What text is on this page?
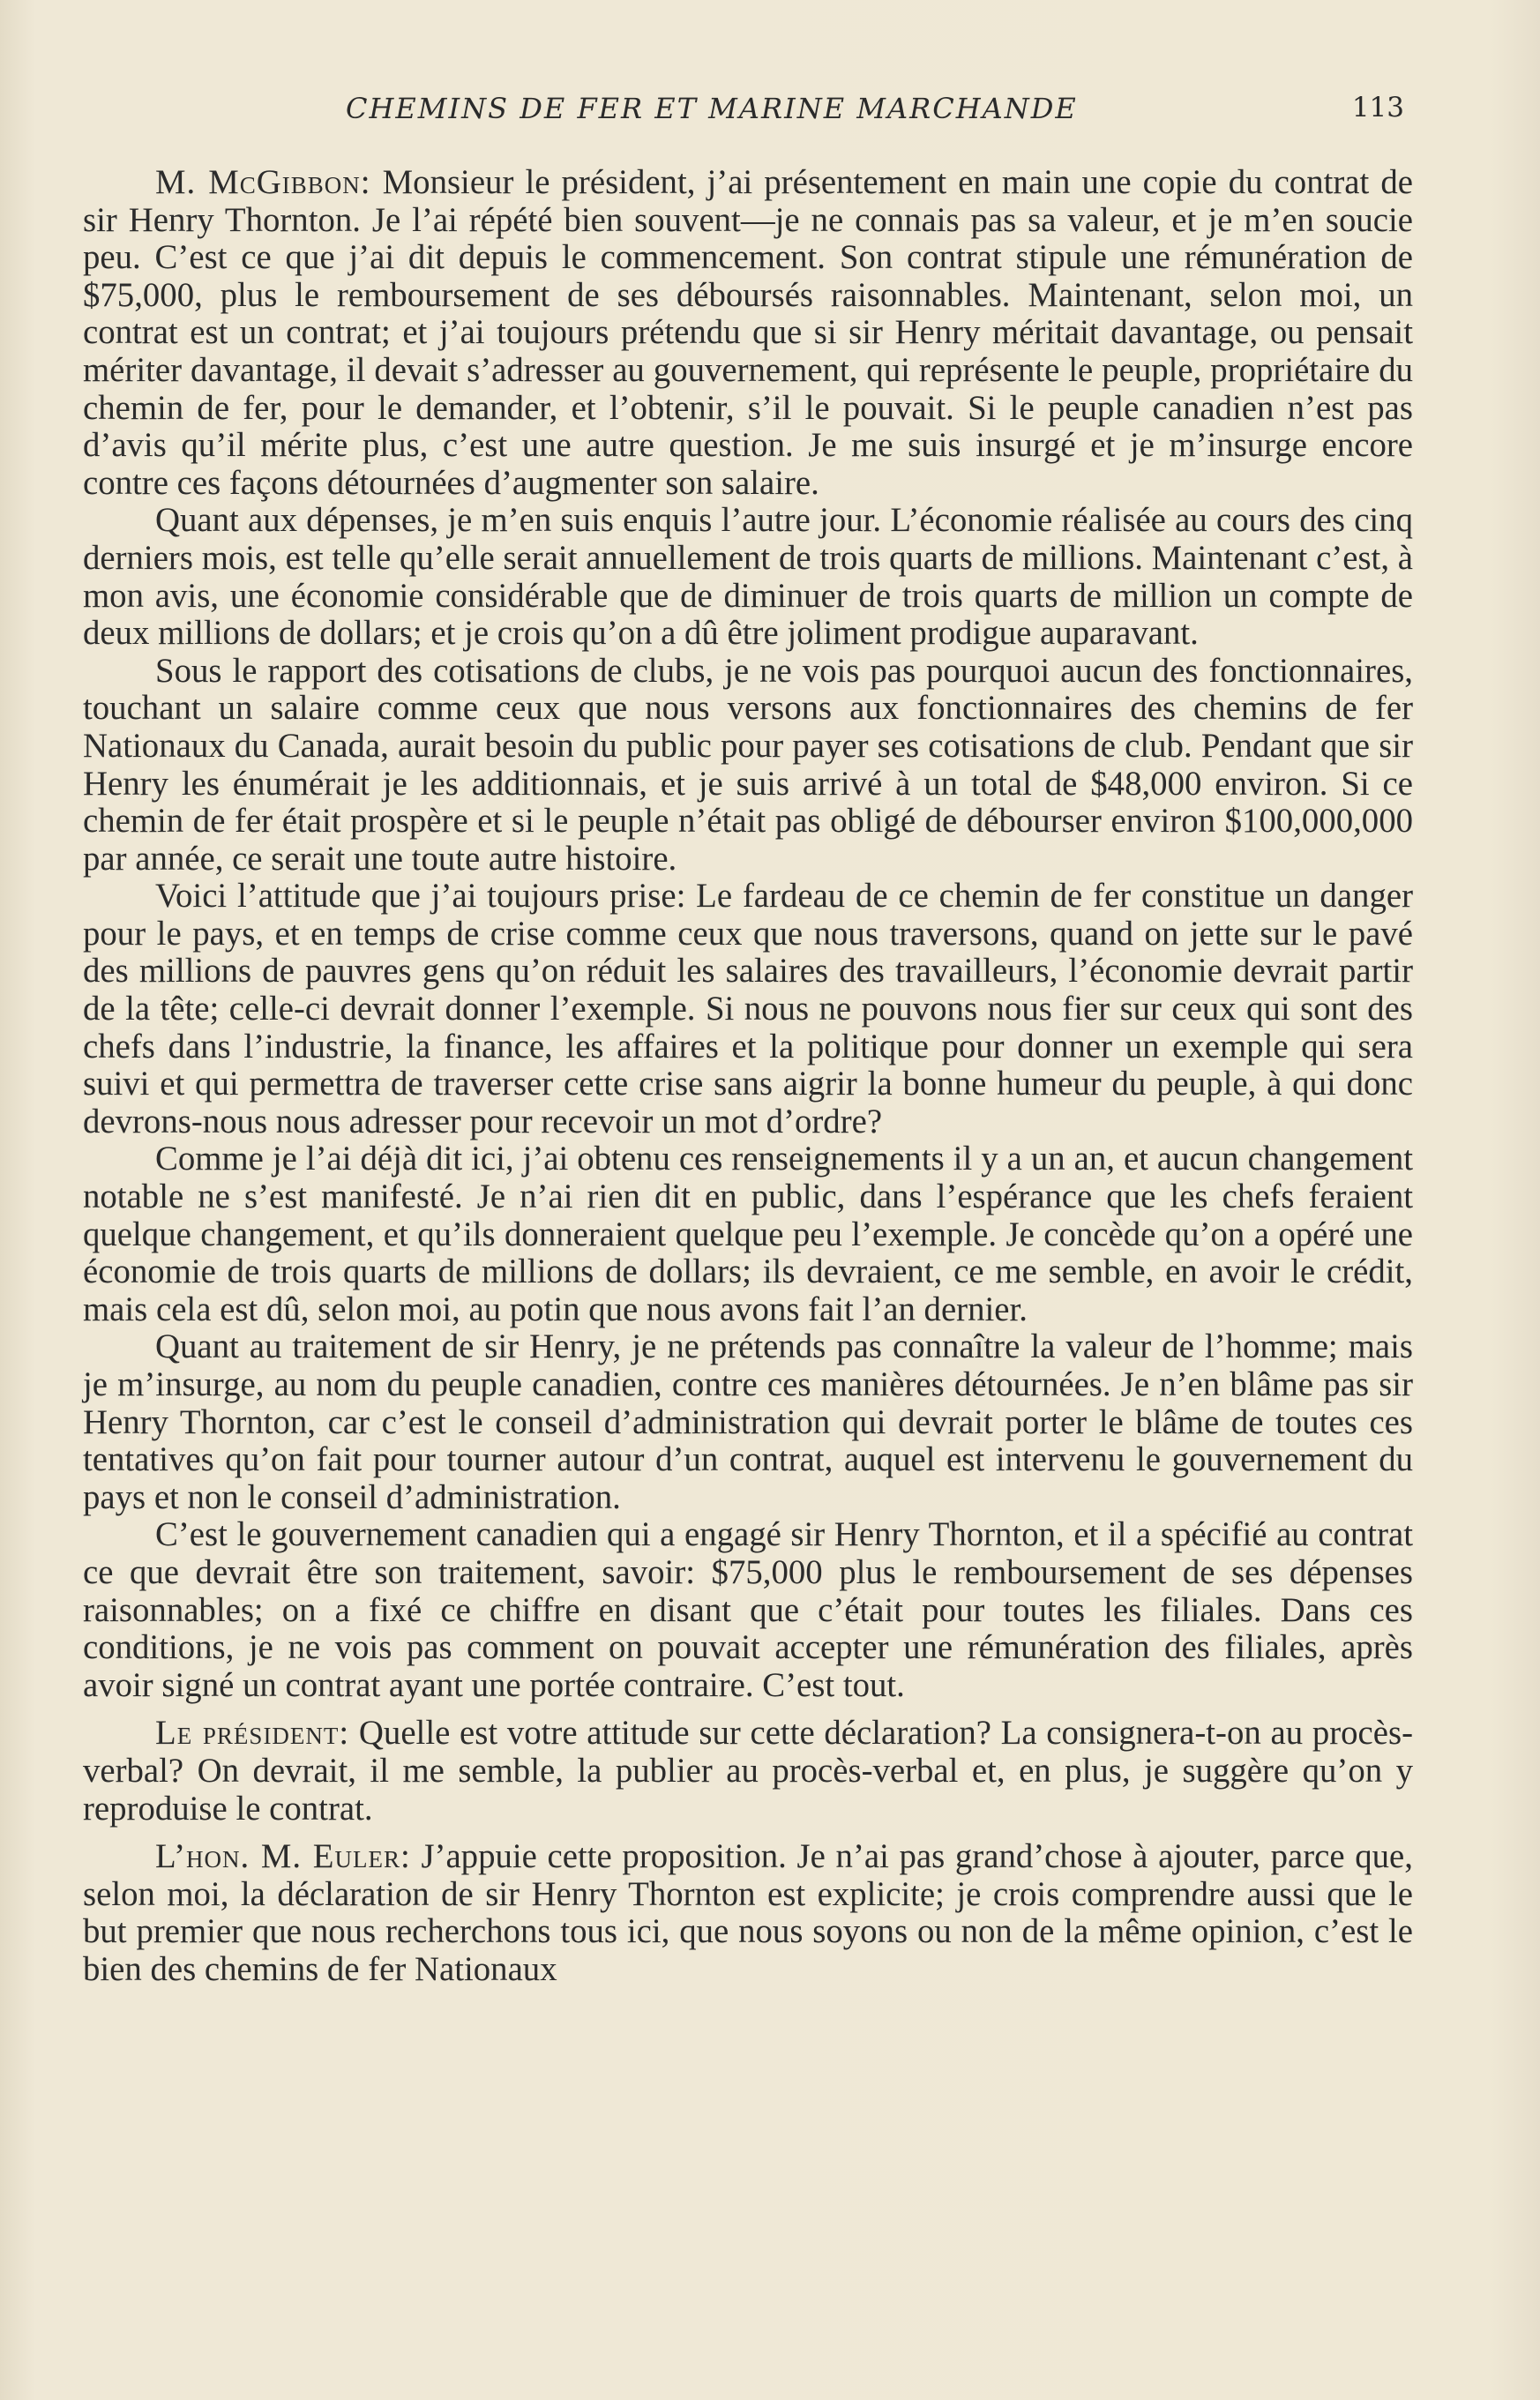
CHEMINS DE FER ET MARINE MARCHANDE	113

M. McGibbon: Monsieur le président, j’ai présentement en main une copie du contrat de sir Henry Thornton. Je l’ai répété bien souvent—je ne connais pas sa valeur, et je m’en soucie peu. C’est ce que j’ai dit depuis le commencement. Son contrat stipule une rémunération de $75,000, plus le remboursement de ses déboursés raisonnables. Maintenant, selon moi, un contrat est un contrat; et j’ai toujours prétendu que si sir Henry méritait davantage, ou pensait mériter davantage, il devait s’adresser au gouvernement, qui représente le peuple, propriétaire du chemin de fer, pour le demander, et l’obtenir, s’il le pouvait. Si le peuple canadien n’est pas d’avis qu’il mérite plus, c’est une autre question. Je me suis insurgé et je m’insurge encore contre ces façons détournées d’augmenter son salaire.

Quant aux dépenses, je m’en suis enquis l’autre jour. L’économie réalisée au cours des cinq derniers mois, est telle qu’elle serait annuellement de trois quarts de millions. Maintenant c’est, à mon avis, une économie considérable que de diminuer de trois quarts de million un compte de deux millions de dollars; et je crois qu’on a dû être joliment prodigue auparavant.

Sous le rapport des cotisations de clubs, je ne vois pas pourquoi aucun des fonctionnaires, touchant un salaire comme ceux que nous versons aux fonctionnaires des chemins de fer Nationaux du Canada, aurait besoin du public pour payer ses cotisations de club. Pendant que sir Henry les énumérait je les additionnais, et je suis arrivé à un total de $48,000 environ. Si ce chemin de fer était prospère et si le peuple n’était pas obligé de débourser environ $100,000,000 par année, ce serait une toute autre histoire.

Voici l’attitude que j’ai toujours prise: Le fardeau de ce chemin de fer constitue un danger pour le pays, et en temps de crise comme ceux que nous traversons, quand on jette sur le pavé des millions de pauvres gens qu’on réduit les salaires des travailleurs, l’économie devrait partir de la tête; celle-ci devrait donner l’exemple. Si nous ne pouvons nous fier sur ceux qui sont des chefs dans l’industrie, la finance, les affaires et la politique pour donner un exemple qui sera suivi et qui permettra de traverser cette crise sans aigrir la bonne humeur du peuple, à qui donc devrons-nous nous adresser pour recevoir un mot d’ordre?

Comme je l’ai déjà dit ici, j’ai obtenu ces renseignements il y a un an, et aucun changement notable ne s’est manifesté. Je n’ai rien dit en public, dans l’espérance que les chefs feraient quelque changement, et qu’ils donneraient quelque peu l’exemple. Je concède qu’on a opéré une économie de trois quarts de millions de dollars; ils devraient, ce me semble, en avoir le crédit, mais cela est dû, selon moi, au potin que nous avons fait l’an dernier.

Quant au traitement de sir Henry, je ne prétends pas connaître la valeur de l’homme; mais je m’insurge, au nom du peuple canadien, contre ces manières détournées. Je n’en blâme pas sir Henry Thornton, car c’est le conseil d’administration qui devrait porter le blâme de toutes ces tentatives qu’on fait pour tourner autour d’un contrat, auquel est intervenu le gouvernement du pays et non le conseil d’administration.

C’est le gouvernement canadien qui a engagé sir Henry Thornton, et il a spécifié au contrat ce que devrait être son traitement, savoir: $75,000 plus le remboursement de ses dépenses raisonnables; on a fixé ce chiffre en disant que c’était pour toutes les filiales. Dans ces conditions, je ne vois pas comment on pouvait accepter une rémunération des filiales, après avoir signé un contrat ayant une portée contraire. C’est tout.

Le président: Quelle est votre attitude sur cette déclaration? La consignera-t-on au procès-verbal? On devrait, il me semble, la publier au procès-verbal et, en plus, je suggère qu’on y reproduise le contrat.

L’hon. M. Euler: J’appuie cette proposition. Je n’ai pas grand’chose à ajouter, parce que, selon moi, la déclaration de sir Henry Thornton est explicite; je crois comprendre aussi que le but premier que nous recherchons tous ici, que nous soyons ou non de la même opinion, c’est le bien des chemins de fer Nationaux
